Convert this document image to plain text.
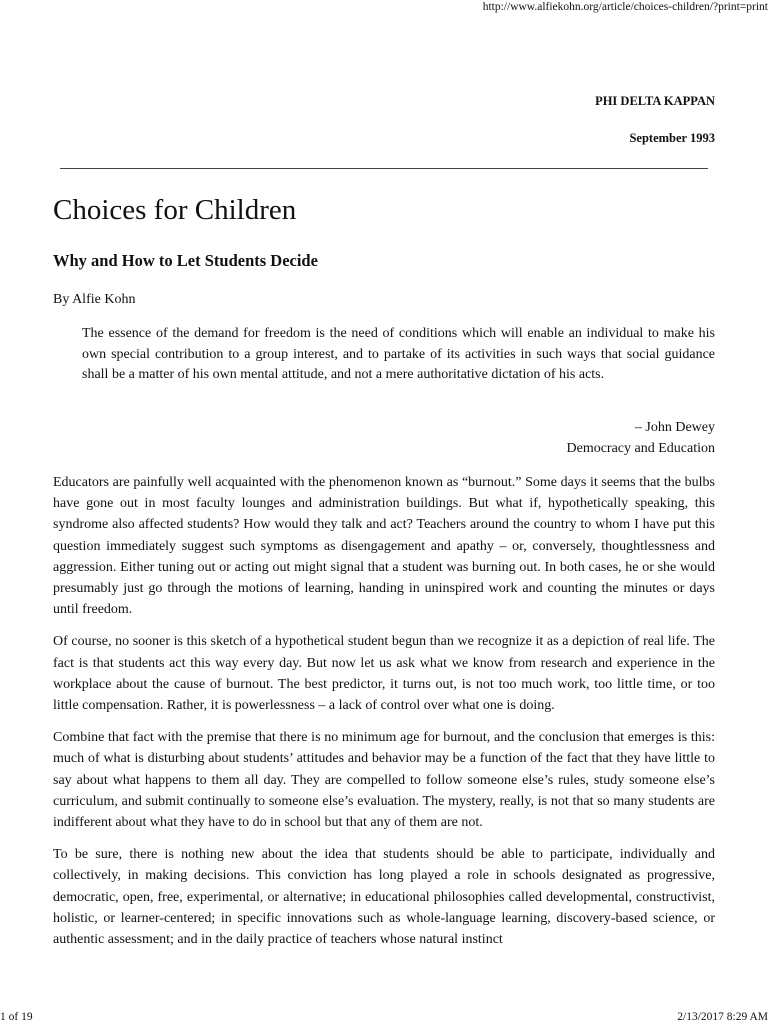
http://www.alfiekohn.org/article/choices-children/?print=print

PHI DELTA KAPPAN

September 1993

Choices for Children
Why and How to Let Students Decide

By Alfie Kohn

The essence of the demand for freedom is the need of conditions which will enable an individual to make his own special contribution to a group interest, and to partake of its activities in such ways that social guidance shall be a matter of his own mental attitude, and not a mere authoritative dictation of his acts.

– John Dewey
Democracy and Education

Educators are painfully well acquainted with the phenomenon known as “burnout.” Some days it seems that the bulbs have gone out in most faculty lounges and administration buildings. But what if, hypothetically speaking, this syndrome also affected students? How would they talk and act? Teachers around the country to whom I have put this question immediately suggest such symptoms as disengagement and apathy – or, conversely, thoughtlessness and aggression. Either tuning out or acting out might signal that a student was burning out. In both cases, he or she would presumably just go through the motions of learning, handing in uninspired work and counting the minutes or days until freedom.

Of course, no sooner is this sketch of a hypothetical student begun than we recognize it as a depiction of real life. The fact is that students act this way every day. But now let us ask what we know from research and experience in the workplace about the cause of burnout. The best predictor, it turns out, is not too much work, too little time, or too little compensation. Rather, it is powerlessness – a lack of control over what one is doing.

Combine that fact with the premise that there is no minimum age for burnout, and the conclusion that emerges is this: much of what is disturbing about students’ attitudes and behavior may be a function of the fact that they have little to say about what happens to them all day. They are compelled to follow someone else’s rules, study someone else’s curriculum, and submit continually to someone else’s evaluation. The mystery, really, is not that so many students are indifferent about what they have to do in school but that any of them are not.

To be sure, there is nothing new about the idea that students should be able to participate, individually and collectively, in making decisions. This conviction has long played a role in schools designated as progressive, democratic, open, free, experimental, or alternative; in educational philosophies called developmental, constructivist, holistic, or learner-centered; in specific innovations such as whole-language learning, discovery-based science, or authentic assessment; and in the daily practice of teachers whose natural instinct

1 of 19	2/13/2017 8:29 AM
